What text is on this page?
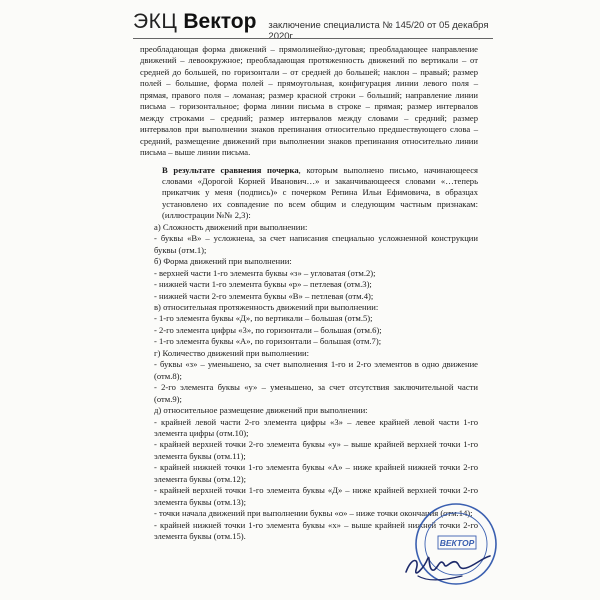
ЭКЦ Вектор заключение специалиста № 145/20 от 05 декабря 2020г.

преобладающая форма движений – прямолинейно-дуговая; преобладающее направление движений – левоокружное; преобладающая протяженность движений по вертикали – от средней до большей, по горизонтали – от средней до большей; наклон – правый; размер полей – большие, форма полей – прямоугольная, конфигурация линии левого поля – прямая, правого поля – ломаная; размер красной строки – больший; направление линии письма – горизонтальное; форма линии письма в строке – прямая; размер интервалов между строками – средний; размер интервалов между словами – средний; размер интервалов при выполнении знаков препинания относительно предшествующего слова – средний, размещение движений при выполнении знаков препинания относительно линии письма – выше линии письма.

В результате сравнения почерка, которым выполнено письмо, начинающееся словами «Дорогой Корней Иванович…» и заканчивающееся словами «…теперь прикатчик у меня (подпись)» с почерком Репина Ильи Ефимовича, в образцах установлено их совпадение по всем общим и следующим частным признакам: (иллюстрации №№ 2,3):

а) Сложность движений при выполнении:

- буквы «В» – усложнена, за счет написания специально усложненной конструкции буквы (отм.1);

б) Форма движений при выполнении:

- верхней части 1-го элемента буквы «з» – угловатая (отм.2);

- нижней части 1-го элемента буквы «р» – петлевая (отм.3);

- нижней части 2-го элемента буквы «В» – петлевая (отм.4);

в) относительная протяженность движений при выполнении:

- 1-го элемента буквы «Д», по вертикали – большая (отм.5);

- 2-го элемента цифры «3», по горизонтали – большая (отм.6);

- 1-го элемента буквы «А», по горизонтали – большая (отм.7);

г) Количество движений при выполнении:

- буквы «з» – уменьшено, за счет выполнения 1-го и 2-го элементов в одно движение (отм.8);

- 2-го элемента буквы «у» – уменьшено, за счет отсутствия заключительной части (отм.9);

д) относительное размещение движений при выполнении:

- крайней левой части 2-го элемента цифры «3» – левее крайней левой части 1-го элемента цифры (отм.10);

- крайней верхней точки 2-го элемента буквы «у» – выше крайней верхней точки 1-го элемента буквы (отм.11);

- крайней нижней точки 1-го элемента буквы «А» – ниже крайней нижней точки 2-го элемента буквы (отм.12);

- крайней верхней точки 1-го элемента буквы «Д» – ниже крайней верхней точки 2-го элемента буквы (отм.13);

- точки начала движений при выполнении буквы «о» – ниже точки окончания (отм.14);

- крайней нижней точки 1-го элемента буквы «х» – выше крайней нижней точки 2-го элемента буквы (отм.15).

ВЕКТОР
